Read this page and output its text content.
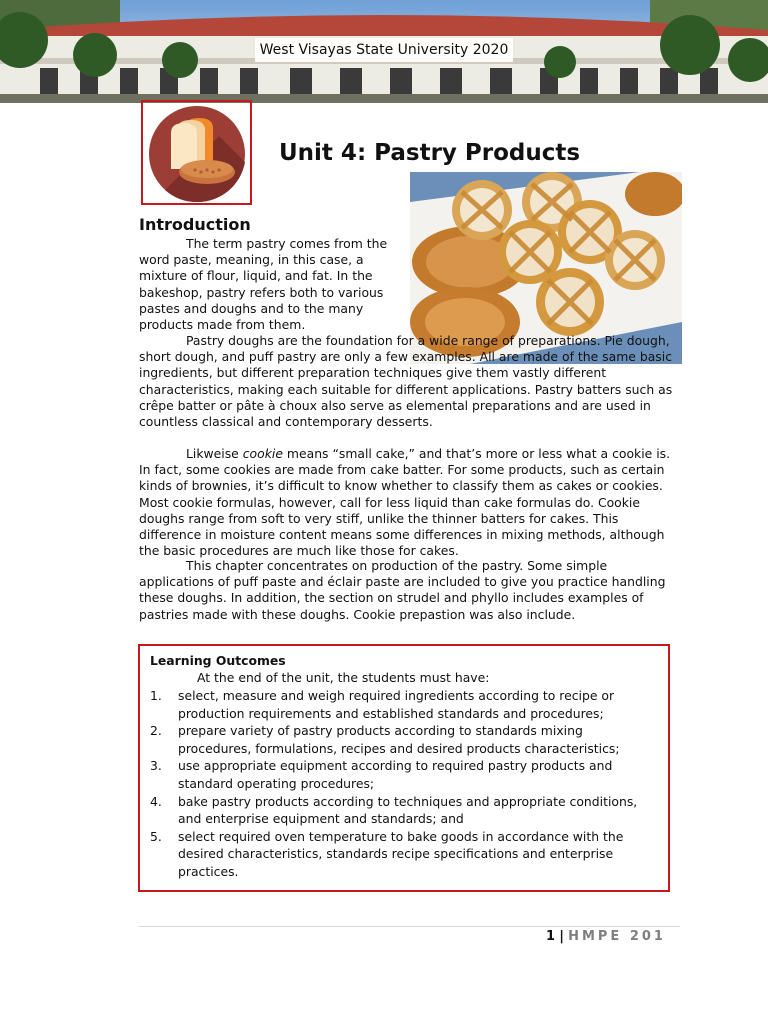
West Visayas State University 2020
Unit 4: Pastry Products
Introduction

The term pastry comes from the word paste, meaning, in this case, a mixture of flour, liquid, and fat. In the bakeshop, pastry refers both to various pastes and doughs and to the many products made from them.

Pastry doughs are the foundation for a wide range of preparations. Pie dough, short dough, and puff pastry are only a few examples. All are made of the same basic ingredients, but different preparation techniques give them vastly different characteristics, making each suitable for different applications. Pastry batters such as crêpe batter or pâte à choux also serve as elemental preparations and are used in countless classical and contemporary desserts.

Likweise cookie means “small cake,” and that’s more or less what a cookie is. In fact, some cookies are made from cake batter. For some products, such as certain kinds of brownies, it’s difficult to know whether to classify them as cakes or cookies. Most cookie formulas, however, call for less liquid than cake formulas do. Cookie doughs range from soft to very stiff, unlike the thinner batters for cakes. This difference in moisture content means some differences in mixing methods, although the basic procedures are much like those for cakes.

This chapter concentrates on production of the pastry. Some simple applications of puff paste and éclair paste are included to give you practice handling these doughs. In addition, the section on strudel and phyllo includes examples of pastries made with these doughs. Cookie prepastion was also include.

Learning Outcomes

At the end of the unit, the students must have:

1. select, measure and weigh required ingredients according to recipe or production requirements and established standards and procedures;
2. prepare variety of pastry products according to standards mixing procedures, formulations, recipes and desired products characteristics;
3. use appropriate equipment according to required pastry products and standard operating procedures;
4. bake pastry products according to techniques and appropriate conditions, and enterprise equipment and standards; and
5. select required oven temperature to bake goods in accordance with the desired characteristics, standards recipe specifications and enterprise practices.
1 | HMPE 201
